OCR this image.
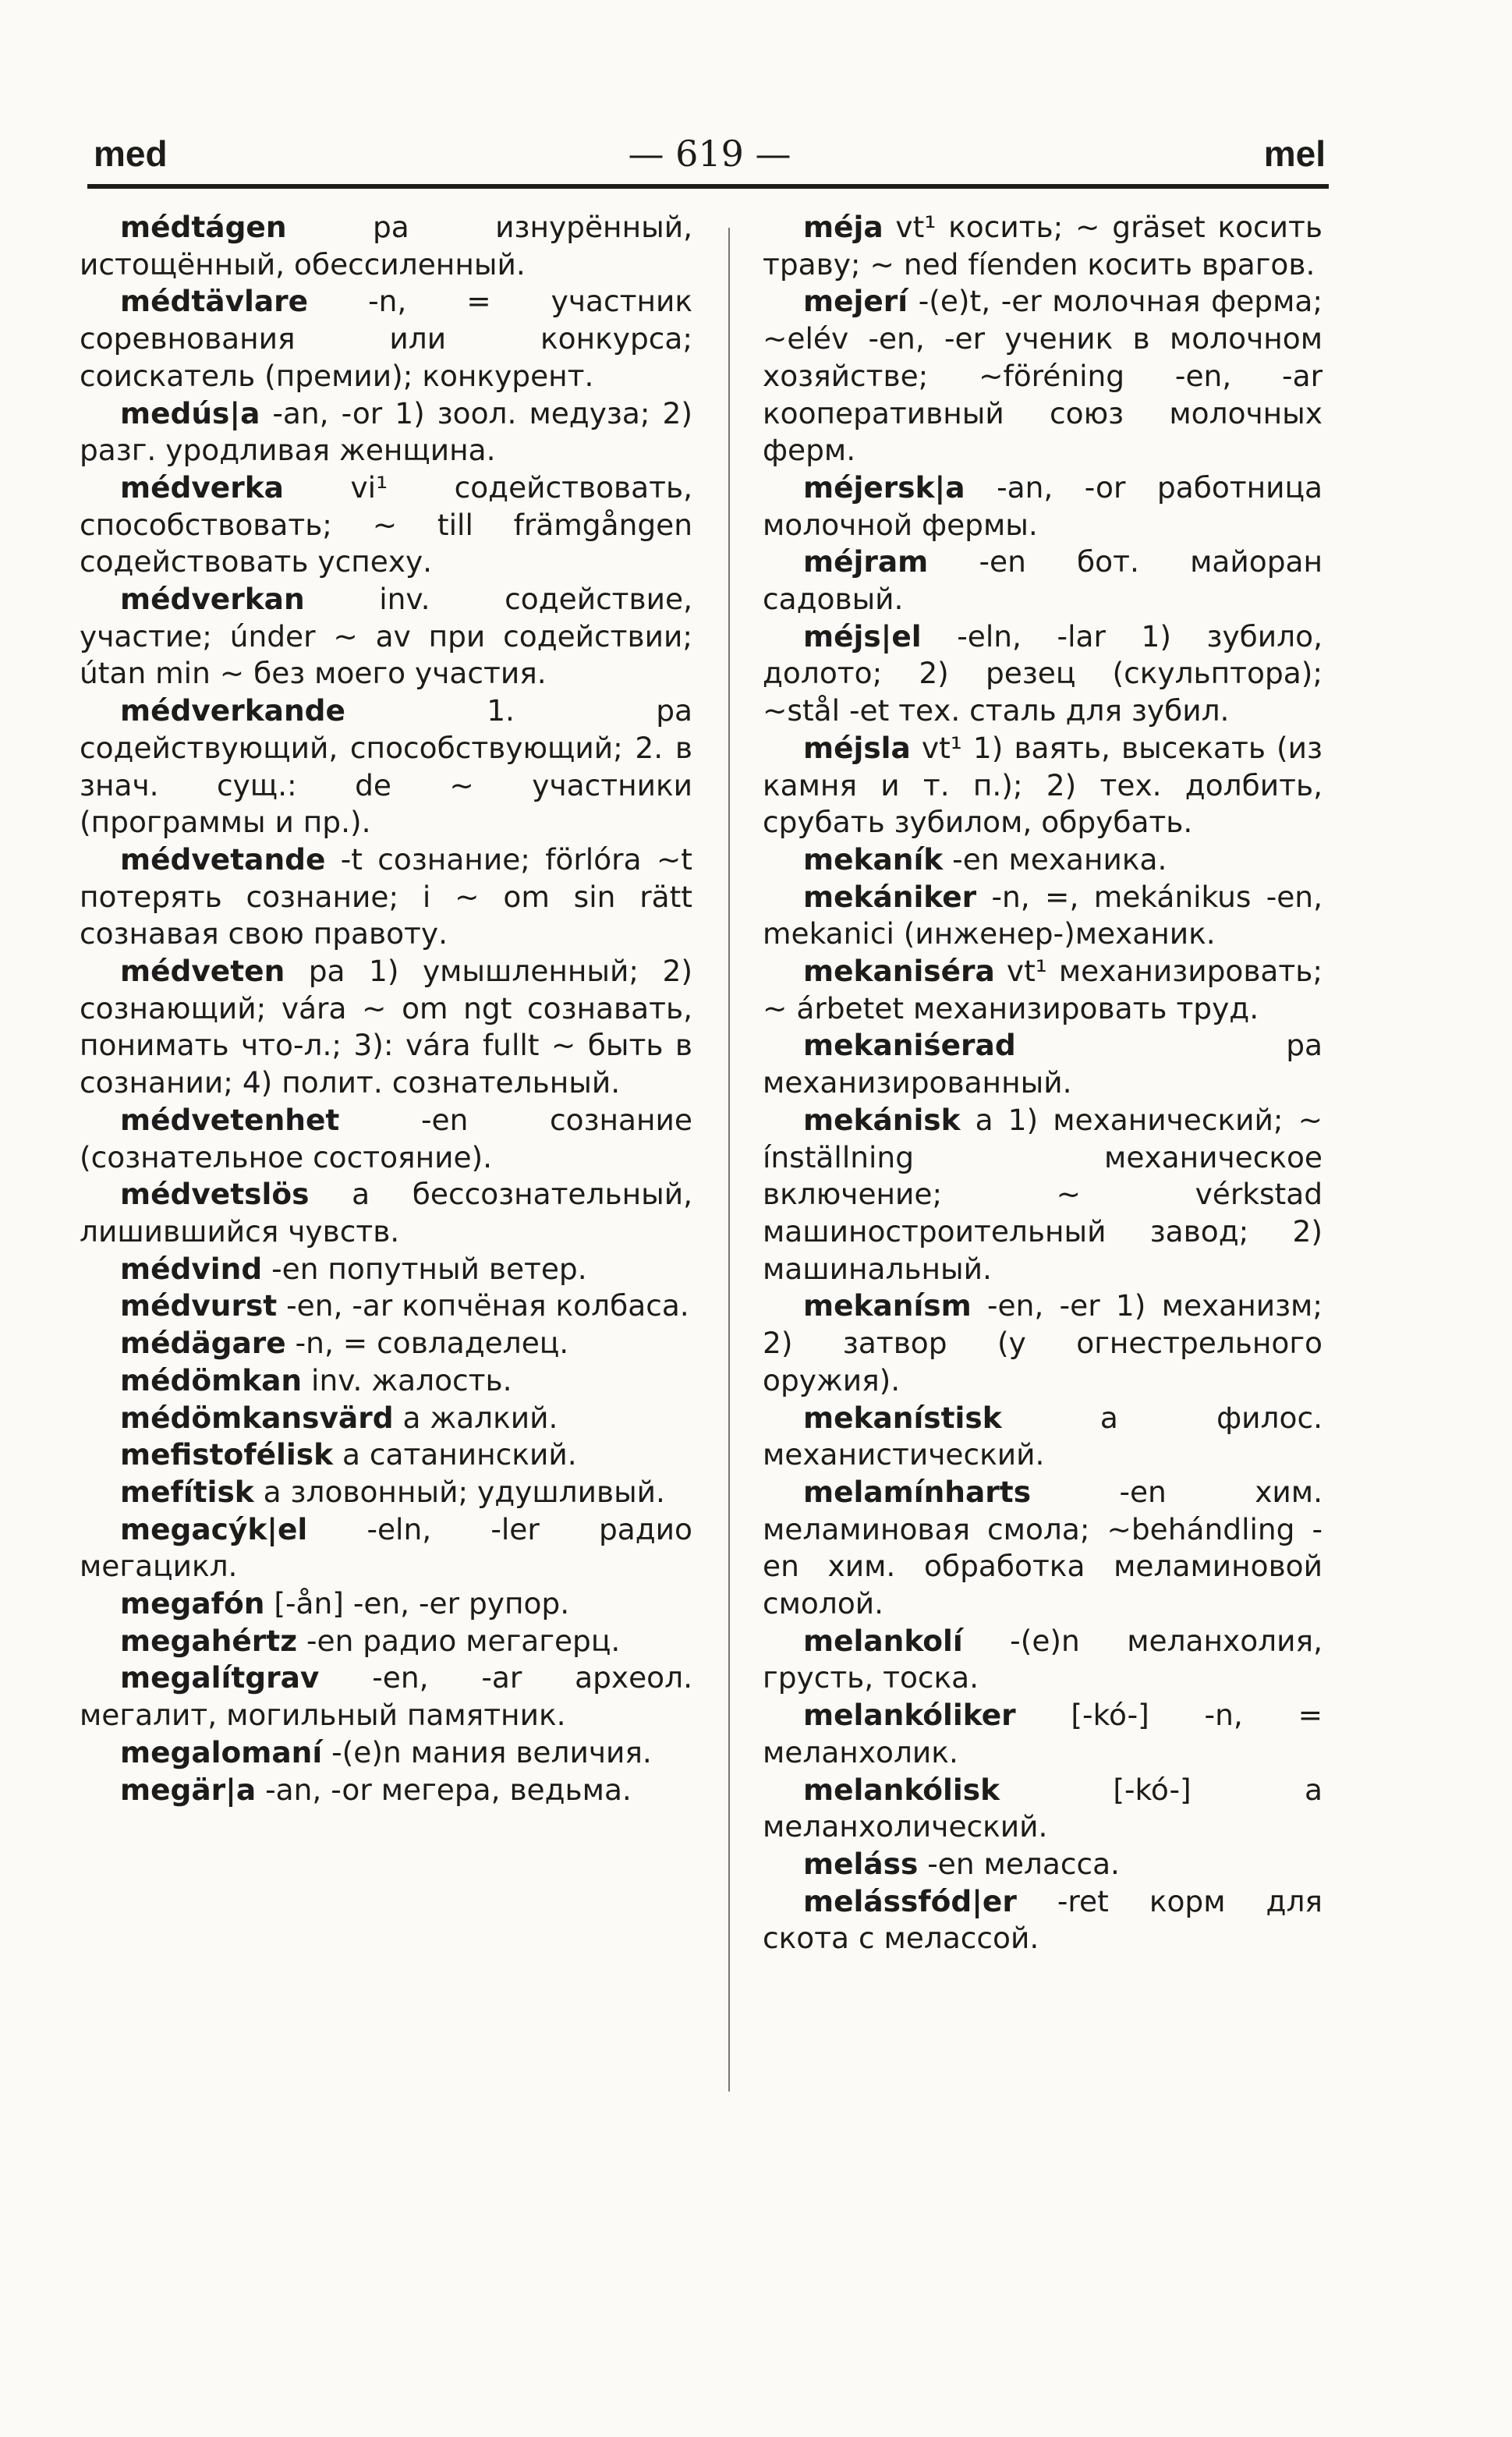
med	— 619 —	mel

médtágen ра изнурённый, истощённый, обессиленный.

médtävlare -n, = участник соревнования или конкурса; соискатель (премии); конкурент.

medús|a -an, -or 1) зоол. медуза; 2) разг. уродливая женщина.

médverka vi¹ содействовать, способствовать; ~ till främgången содействовать успеху.

médverkan inv. содействие, участие; únder ~ av при содействии; útan min ~ без моего участия.

médverkande 1. ра содействующий, способствующий; 2. в знач. сущ.: de ~ участники (программы и пр.).

médvetande -t сознание; förlóra ~t потерять сознание; i ~ om sin rätt сознавая свою правоту.

médveten ра 1) умышленный; 2) сознающий; vára ~ om ngt сознавать, понимать что-л.; 3): vára fullt ~ быть в сознании; 4) полит. сознательный.

médvetenhet -en сознание (сознательное состояние).

médvetslös а бессознательный, лишившийся чувств.

médvind -en попутный ветер.

médvurst -en, -ar копчёная колбаса.

médägare -n, = совладелец.

médömkan inv. жалость.

médömkansvärd а жалкий.

mefistofélisk а сатанинский.

mefítisk а зловонный; удушливый.

megacýk|el -eln, -ler радио мегацикл.

megafón [-ån] -en, -er рупор.

megahértz -en радио мегагерц.

megalítgrav -en, -ar археол. мегалит, могильный памятник.

megalomaní -(e)n мания величия.

megär|a -an, -or мегера, ведьма.

méja vt¹ косить; ~ gräset косить траву; ~ ned fíenden косить врагов.

mejerí -(e)t, -er молочная ферма; ~elév -en, -er ученик в молочном хозяйстве; ~föréning -en, -ar кооперативный союз молочных ферм.

méjersk|a -an, -or работница молочной фермы.

méjram -en бот. майоран садовый.

méjs|el -eln, -lar 1) зубило, долото; 2) резец (скульптора); ~stål -et тех. сталь для зубил.

méjsla vt¹ 1) ваять, высекать (из камня и т. п.); 2) тех. долбить, срубать зубилом, обрубать.

mekaník -en механика.

mekániker -n, =, mekánikus -en, mekanici (инженер-)механик.

mekaniséra vt¹ механизировать; ~ árbetet механизировать труд.

mekaniśerad ра механизированный.

mekánisk а 1) механический; ~ ínställning механическое включение; ~ vérkstad машиностроительный завод; 2) машинальный.

mekanísm -en, -er 1) механизм; 2) затвор (у огнестрельного оружия).

mekanístisk а филос. механистический.

melamínharts -en хим. меламиновая смола; ~behándling -en хим. обработка меламиновой смолой.

melankolí -(e)n меланхолия, грусть, тоска.

melankóliker [-kó-] -n, = меланхолик.

melankólisk [-kó-] а меланхолический.

meláss -en меласса.

melássfód|er -ret корм для скота с мелассой.
